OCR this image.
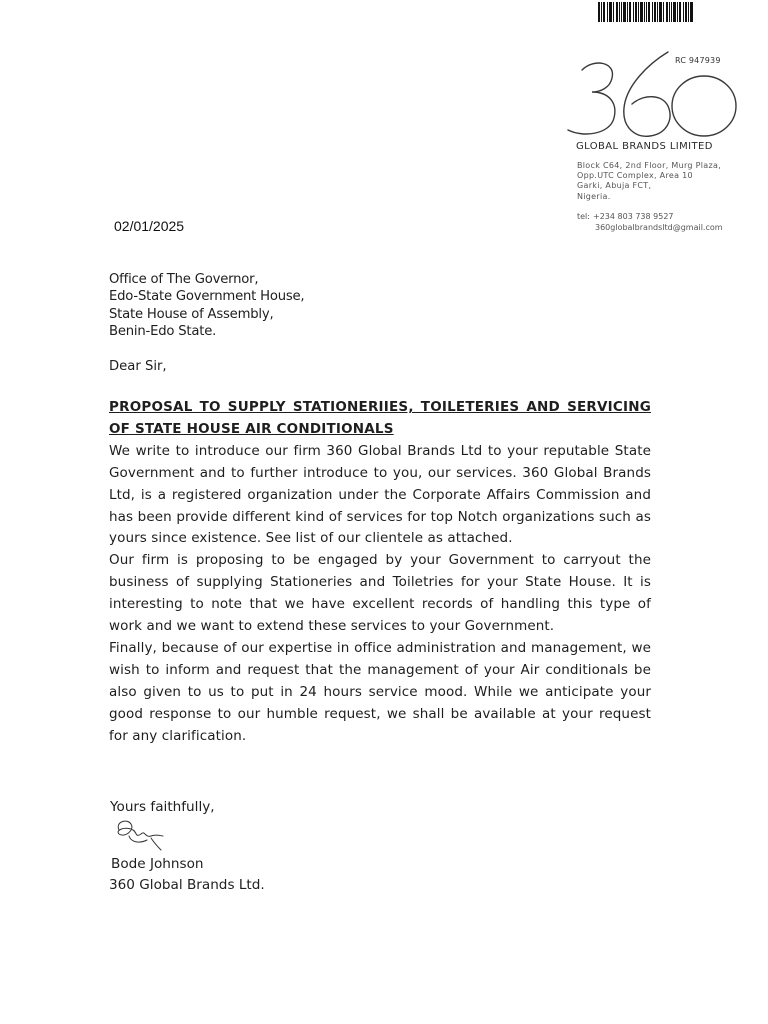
RC 947939
GLOBAL BRANDS LIMITED
Block C64, 2nd Floor, Murg Plaza,
Opp.UTC Complex, Area 10
Garki, Abuja FCT,
Nigeria.
tel: +234 803 738 9527
360globalbrandsltd@gmail.com
02/01/2025
Office of The Governor,
Edo-State Government House,
State House of Assembly,
Benin-Edo State.
Dear Sir,
PROPOSAL TO SUPPLY STATIONERIIES, TOILETERIES AND SERVICING OF STATE HOUSE AIR CONDITIONALS

We write to introduce our firm 360 Global Brands Ltd to your reputable State Government and to further introduce to you, our services. 360 Global Brands Ltd, is a registered organization under the Corporate Affairs Commission and has been provide different kind of services for top Notch organizations such as yours since existence. See list of our clientele as attached.

Our firm is proposing to be engaged by your Government to carryout the business of supplying Stationeries and Toiletries for your State House. It is interesting to note that we have excellent records of handling this type of work and we want to extend these services to your Government.

Finally, because of our expertise in office administration and management, we wish to inform and request that the management of your Air conditionals be also given to us to put in 24 hours service mood. While we anticipate your good response to our humble request, we shall be available at your request for any clarification.

Yours faithfully,
Bode Johnson
360 Global Brands Ltd.
